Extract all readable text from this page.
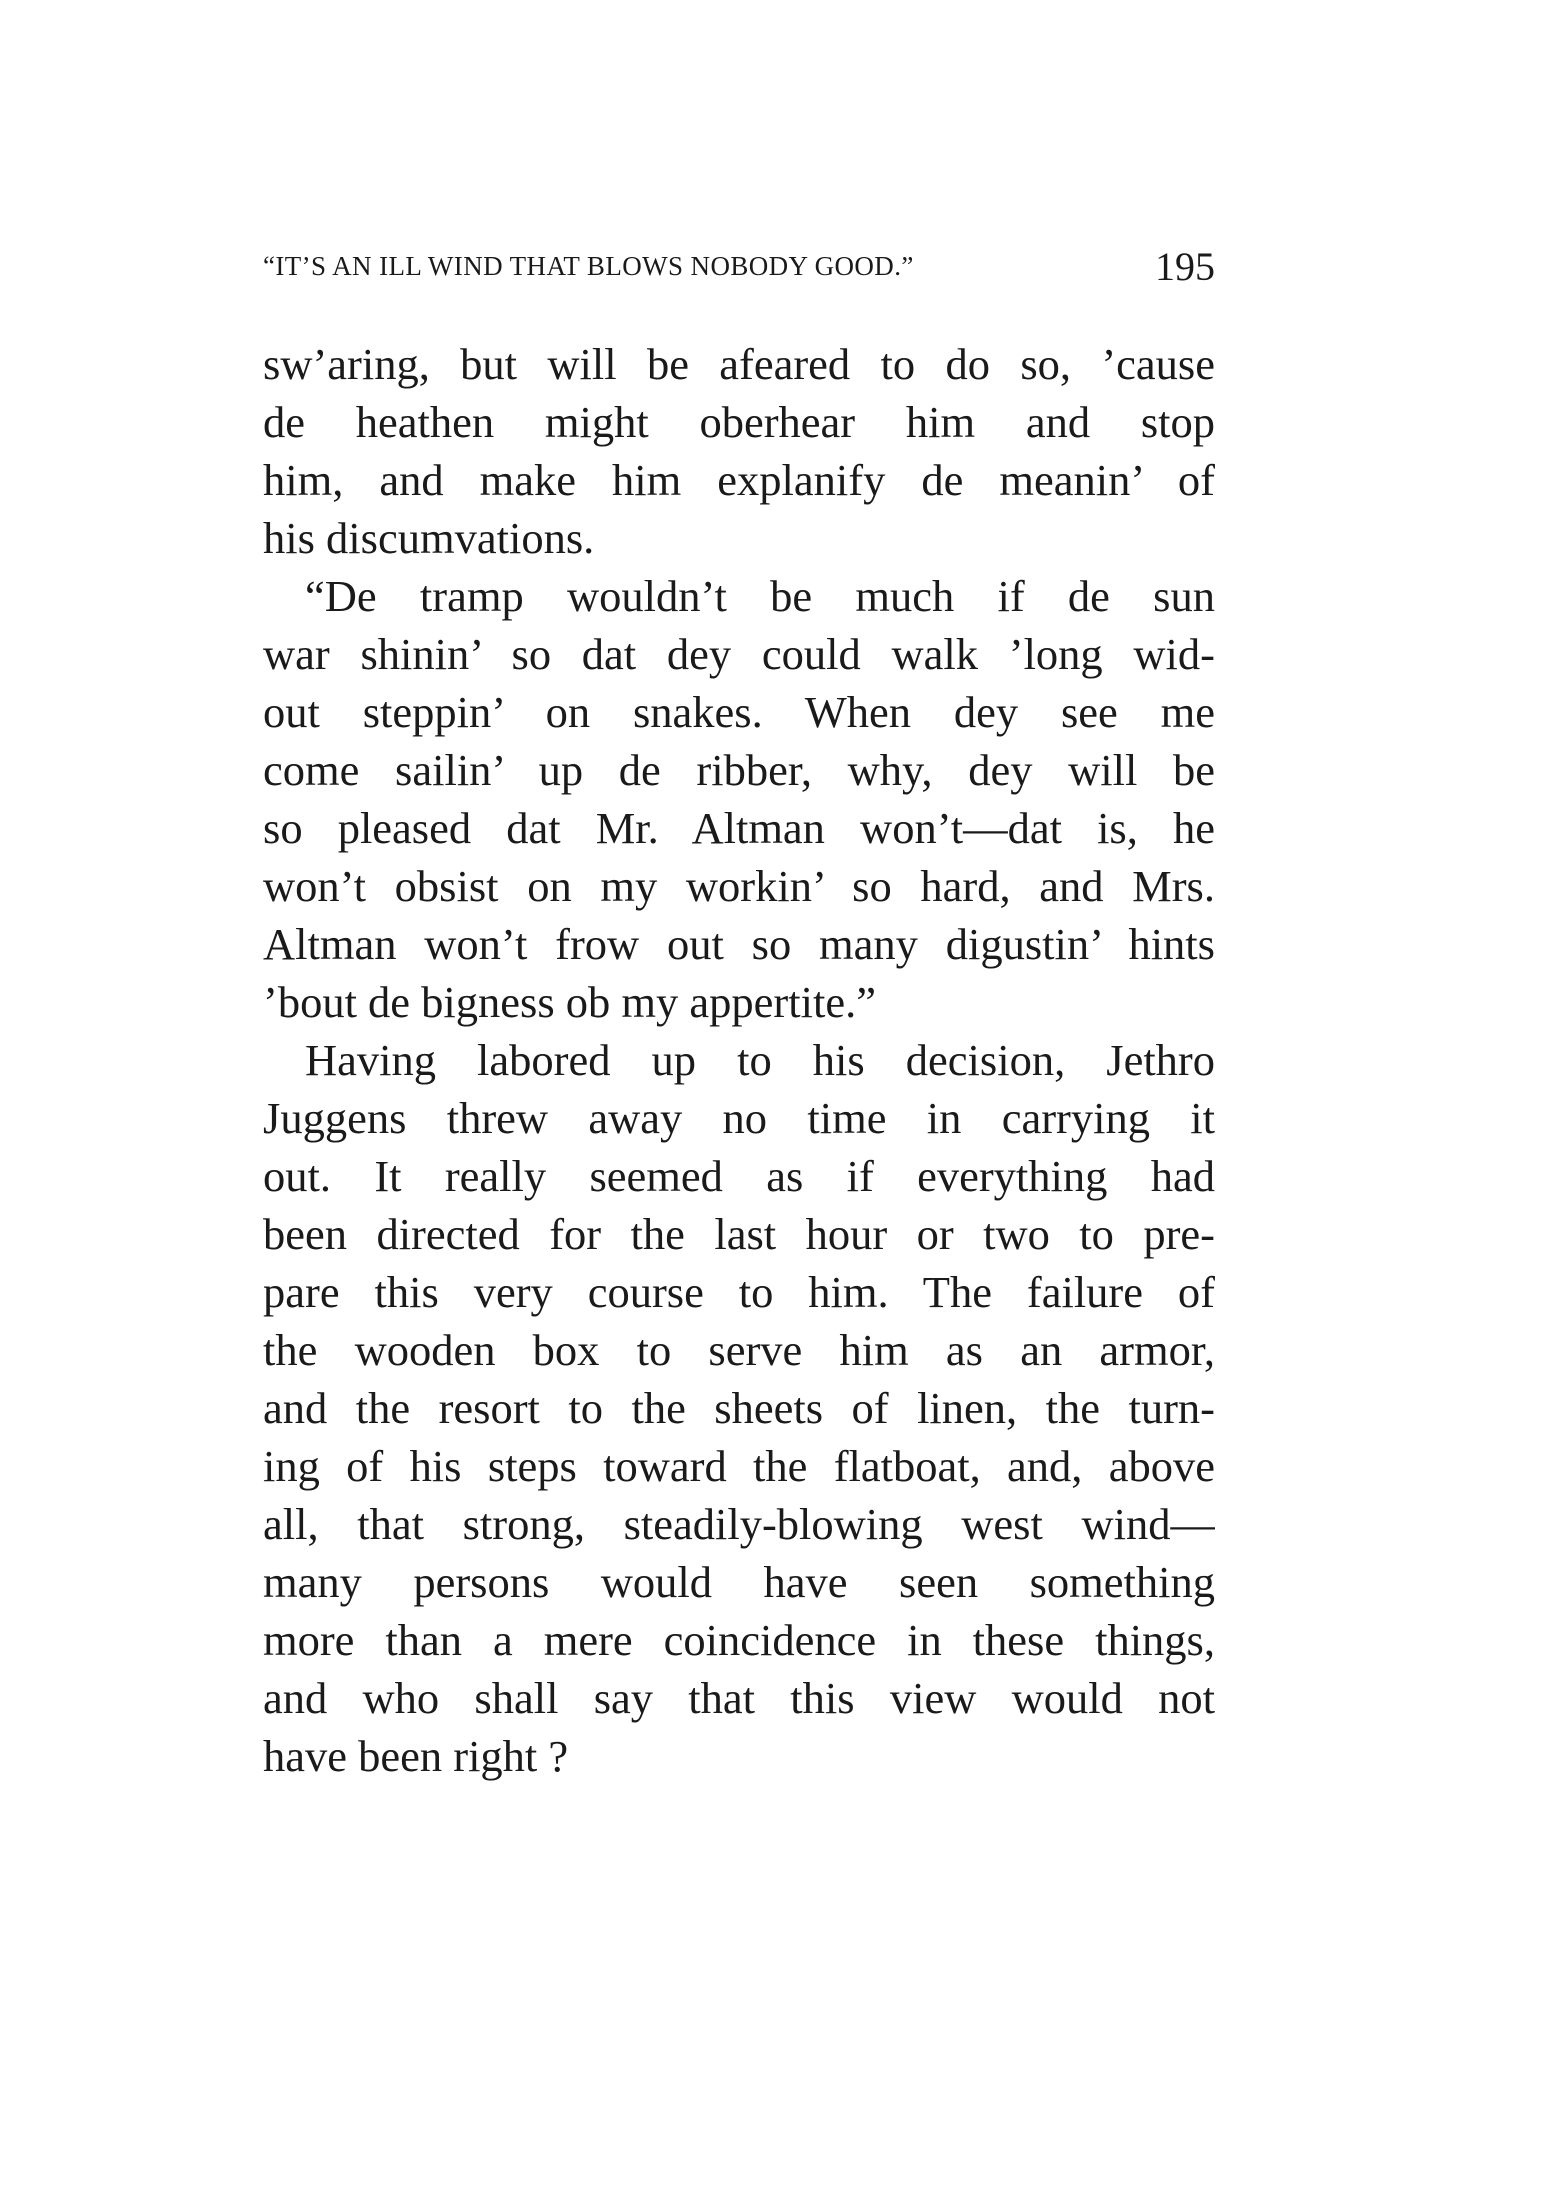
“IT’S AN ILL WIND THAT BLOWS NOBODY GOOD.”	195
sw’aring, but will be afeared to do so, ’cause
de heathen might oberhear him and stop
him, and make him explanify de meanin’ of
his discumvations.
“De tramp wouldn’t be much if de sun
war shinin’ so dat dey could walk ’long wid-
out steppin’ on snakes. When dey see me
come sailin’ up de ribber, why, dey will be
so pleased dat Mr. Altman won’t—dat is, he
won’t obsist on my workin’ so hard, and Mrs.
Altman won’t frow out so many digustin’ hints
’bout de bigness ob my appertite.”
Having labored up to his decision, Jethro
Juggens threw away no time in carrying it
out. It really seemed as if everything had
been directed for the last hour or two to pre-
pare this very course to him. The failure of
the wooden box to serve him as an armor,
and the resort to the sheets of linen, the turn-
ing of his steps toward the flatboat, and, above
all, that strong, steadily-blowing west wind—
many persons would have seen something
more than a mere coincidence in these things,
and who shall say that this view would not
have been right ?
